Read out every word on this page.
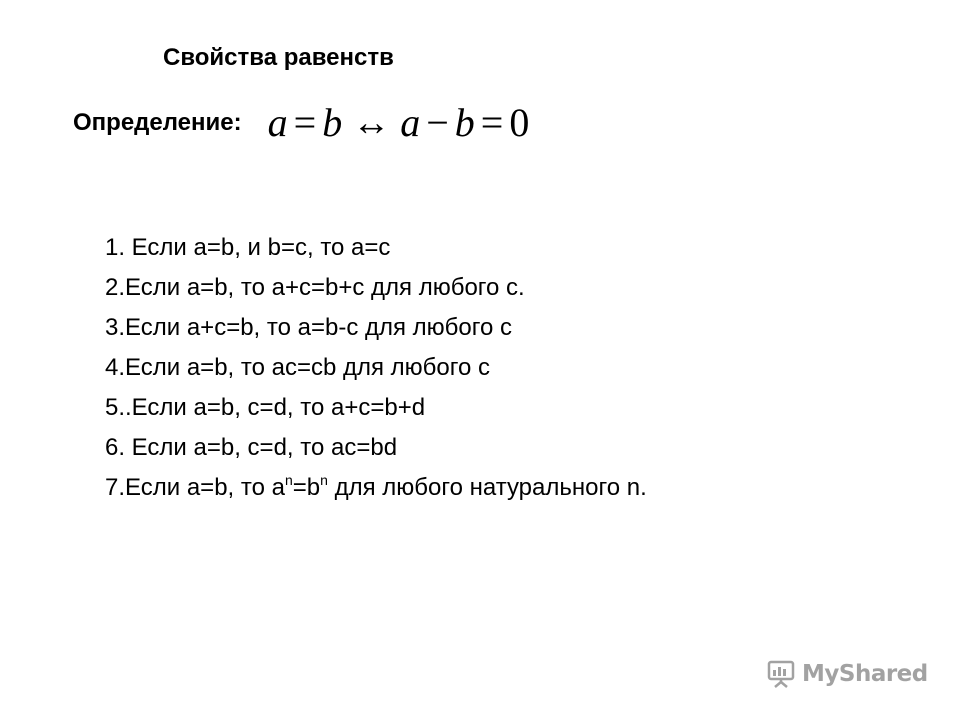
Свойства равенств
Определение: a = b ↔ a − b = 0
1. Если a=b, и b=c, то a=c
2.Если a=b, то a+c=b+c для любого с.
3.Если a+c=b, то a=b-c для любого с
4.Если a=b, то ac=cb для любого с
5..Если a=b, c=d, то a+c=b+d
6. Если a=b, c=d, то ac=bd
7.Если a=b, то $a^n=b^n$ для любого натурального n.
MyShared
